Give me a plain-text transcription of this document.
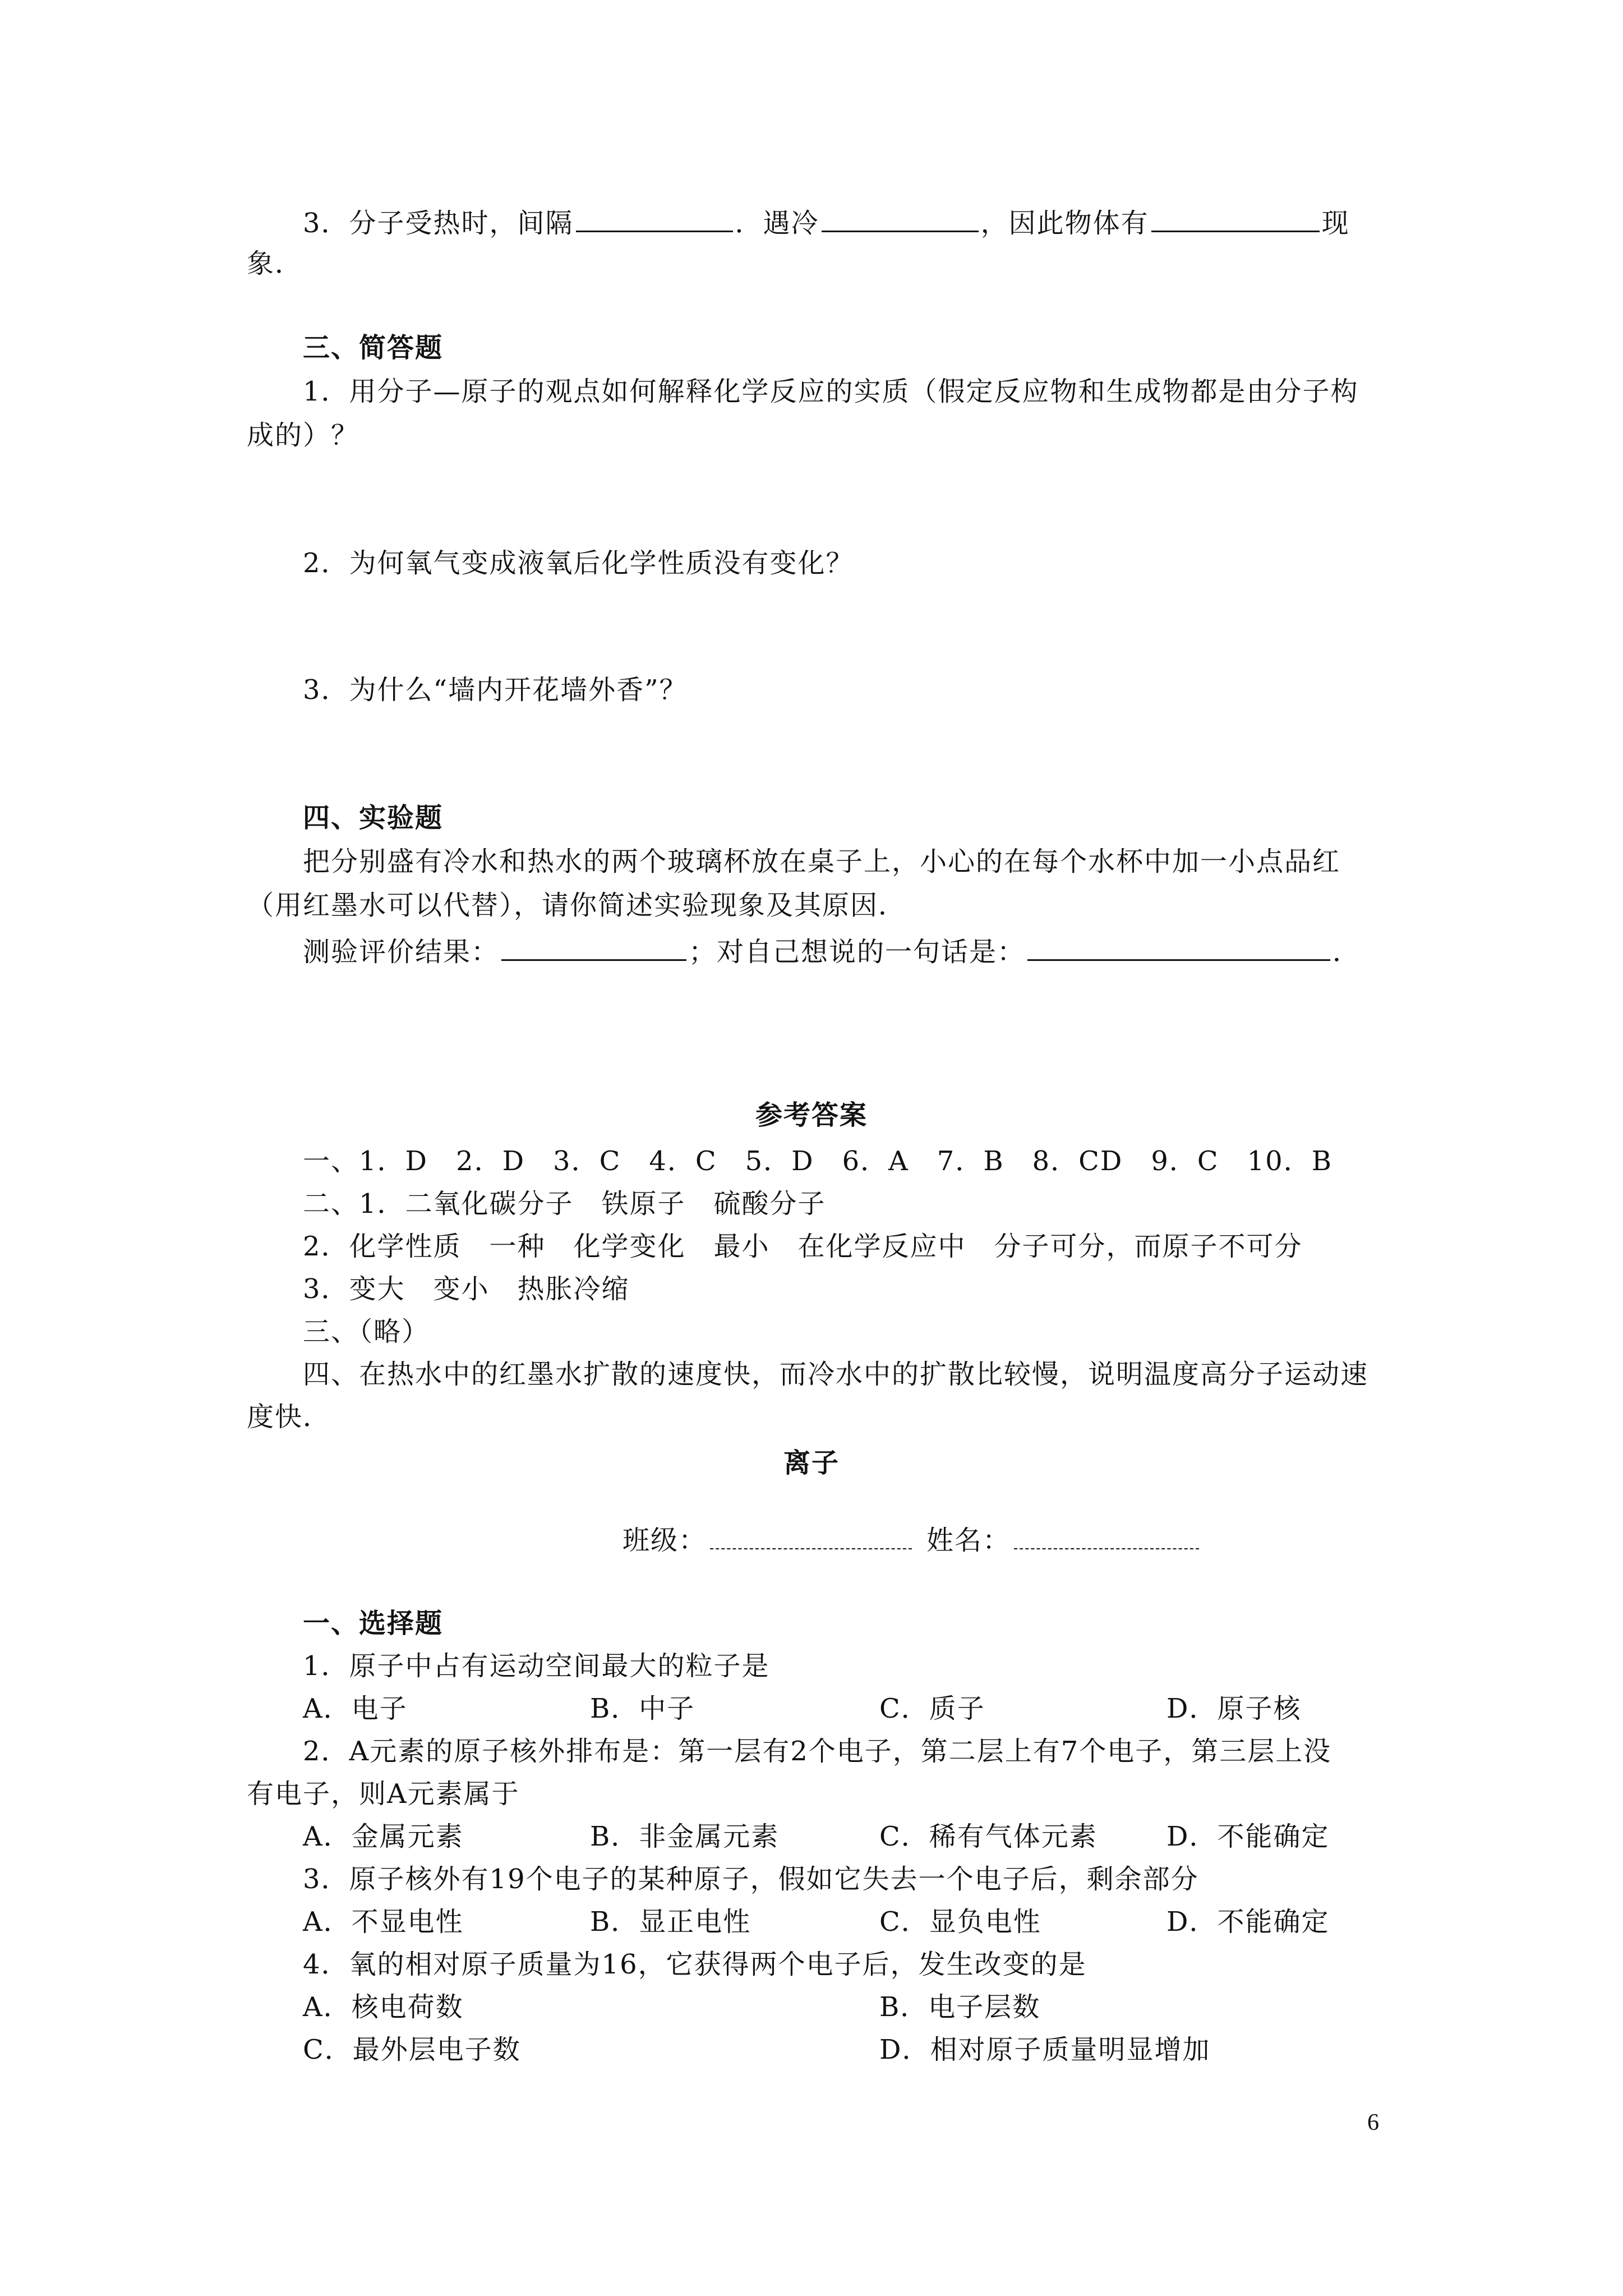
3．分子受热时，间隔	．遇冷	，因此物体有	现
象．
三、简答题
1．用分子—原子的观点如何解释化学反应的实质（假定反应物和生成物都是由分子构
成的）？
2．为何氧气变成液氧后化学性质没有变化？
3．为什么“墙内开花墙外香”？
四、实验题
把分别盛有冷水和热水的两个玻璃杯放在桌子上，小心的在每个水杯中加一小点品红
（用红墨水可以代替），请你简述实验现象及其原因．
测验评价结果：	；对自己想说的一句话是：	．
参考答案
一、1．D　2．D　3．C　4．C　5．D　6．A　7．B　8．CD　9．C　10．B
二、1．二氧化碳分子　铁原子　硫酸分子
2．化学性质　一种　化学变化　最小　在化学反应中　分子可分，而原子不可分
3．变大　变小　热胀冷缩
三、（略）
四、在热水中的红墨水扩散的速度快，而冷水中的扩散比较慢，说明温度高分子运动速
度快．
离子
班级：	姓名：
一、选择题
1．原子中占有运动空间最大的粒子是
A．电子	B．中子	C．质子	D．原子核
2．A元素的原子核外排布是：第一层有2个电子，第二层上有7个电子，第三层上没
有电子，则A元素属于
A．金属元素	B．非金属元素	C．稀有气体元素	D．不能确定
3．原子核外有19个电子的某种原子，假如它失去一个电子后，剩余部分
A．不显电性	B．显正电性	C．显负电性	D．不能确定
4．氧的相对原子质量为16，它获得两个电子后，发生改变的是
A．核电荷数	B．电子层数
C．最外层电子数	D．相对原子质量明显增加
6
